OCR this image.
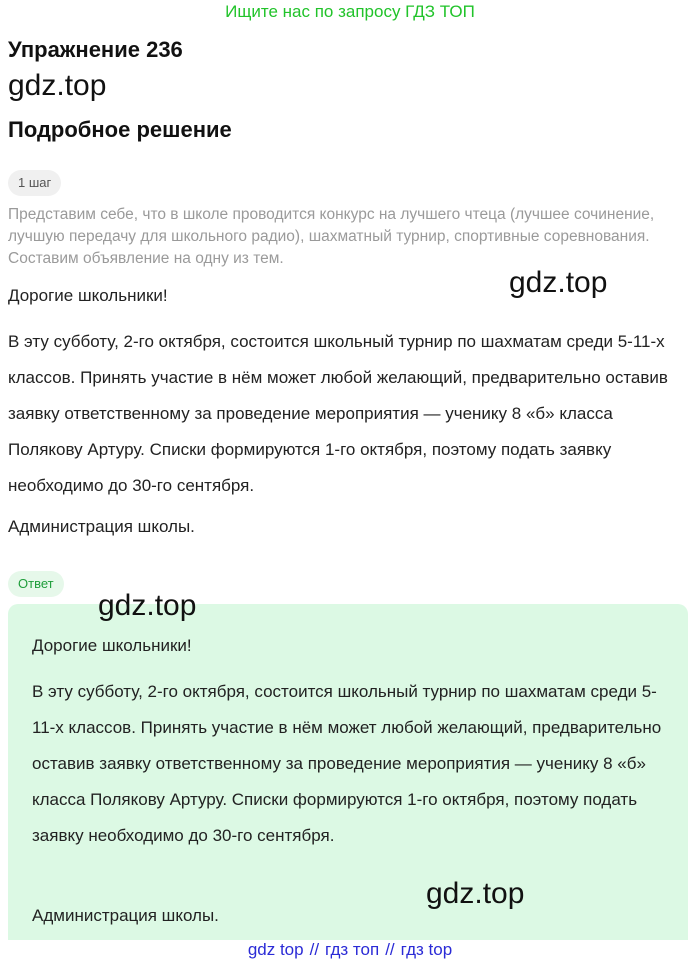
Ищите нас по запросу ГДЗ ТОП
Упражнение 236
gdz.top
Подробное решение
1 шаг
Представим себе, что в школе проводится конкурс на лучшего чтеца (лучшее сочинение, лучшую передачу для школьного радио), шахматный турнир, спортивные соревнования. Составим объявление на одну из тем.
gdz.top
Дорогие школьники!
В эту субботу, 2-го октября, состоится школьный турнир по шахматам среди 5-11-х классов. Принять участие в нём может любой желающий, предварительно оставив заявку ответственному за проведение мероприятия — ученику 8 «б» класса Полякову Артуру. Списки формируются 1-го октября, поэтому подать заявку необходимо до 30-го сентября.
Администрация школы.
Ответ
Дорогие школьники!
В эту субботу, 2-го октября, состоится школьный турнир по шахматам среди 5-11-х классов. Принять участие в нём может любой желающий, предварительно оставив заявку ответственному за проведение мероприятия — ученику 8 «б» класса Полякову Артуру. Списки формируются 1-го октября, поэтому подать заявку необходимо до 30-го сентября.
Администрация школы.
gdz.top
gdz.top
gdz top // гдз топ // гдз top
